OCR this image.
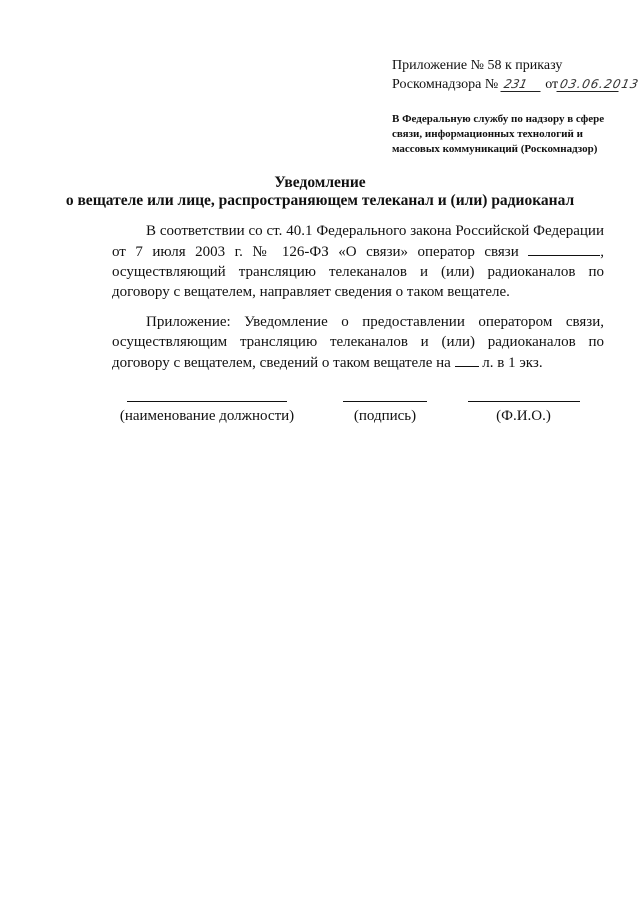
Приложение № 58 к приказу
Роскомнадзора № 231 от03.06.2013
В Федеральную службу по надзору в сфере связи, информационных технологий и массовых коммуникаций (Роскомнадзор)
Уведомление
о вещателе или лице, распространяющем телеканал и (или) радиоканал
В соответствии со ст. 40.1 Федерального закона Российской Федерации от 7 июля 2003 г. № 126-ФЗ «О связи» оператор связи	, осуществляющий трансляцию телеканалов и (или) радиоканалов по договору с вещателем, направляет сведения о таком вещателе.
Приложение: Уведомление о предоставлении оператором связи, осуществляющим трансляцию телеканалов и (или) радиоканалов по договору с вещателем, сведений о таком вещателе на  л. в 1 экз.
(наименование должности)	(подпись)	(Ф.И.О.)
